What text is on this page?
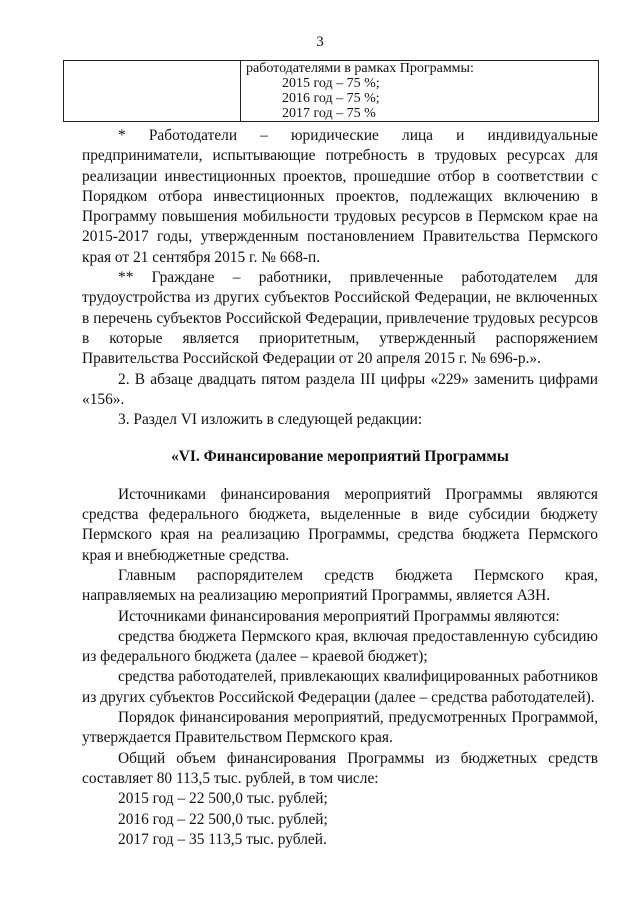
3

работодателями в рамках Программы:
2015 год – 75 %;
2016 год – 75 %;
2017 год – 75 %

* Работодатели – юридические лица и индивидуальные предприниматели, испытывающие потребность в трудовых ресурсах для реализации инвестиционных проектов, прошедшие отбор в соответствии с Порядком отбора инвестиционных проектов, подлежащих включению в Программу повышения мобильности трудовых ресурсов в Пермском крае на 2015-2017 годы, утвержденным постановлением Правительства Пермского края от 21 сентября 2015 г. № 668-п.

** Граждане – работники, привлеченные работодателем для трудоустройства из других субъектов Российской Федерации, не включенных в перечень субъектов Российской Федерации, привлечение трудовых ресурсов в которые является приоритетным, утвержденный распоряжением Правительства Российской Федерации от 20 апреля 2015 г. № 696-р.».

2. В абзаце двадцать пятом раздела III цифры «229» заменить цифрами «156».

3. Раздел VI изложить в следующей редакции:

«VI. Финансирование мероприятий Программы

Источниками финансирования мероприятий Программы являются средства федерального бюджета, выделенные в виде субсидии бюджету Пермского края на реализацию Программы, средства бюджета Пермского края и внебюджетные средства.

Главным распорядителем средств бюджета Пермского края, направляемых на реализацию мероприятий Программы, является АЗН.

Источниками финансирования мероприятий Программы являются:

средства бюджета Пермского края, включая предоставленную субсидию из федерального бюджета (далее – краевой бюджет);

средства работодателей, привлекающих квалифицированных работников из других субъектов Российской Федерации (далее – средства работодателей).

Порядок финансирования мероприятий, предусмотренных Программой, утверждается Правительством Пермского края.

Общий объем финансирования Программы из бюджетных средств составляет 80 113,5 тыс. рублей, в том числе:

2015 год – 22 500,0 тыс. рублей;

2016 год – 22 500,0 тыс. рублей;

2017 год – 35 113,5 тыс. рублей.
